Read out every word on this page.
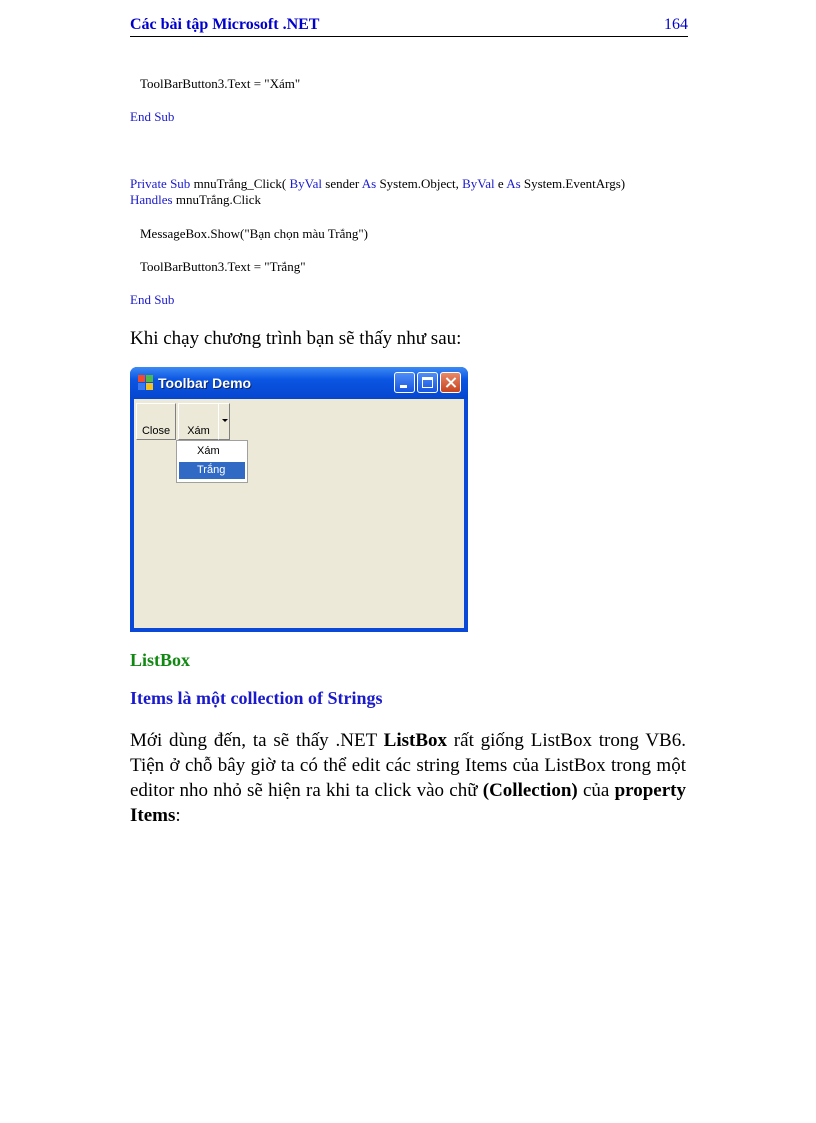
Các bài tập Microsoft .NET	164
ToolBarButton3.Text = "Xám"
End Sub
Private Sub mnuTrắng_Click( ByVal sender As System.Object, ByVal e As System.EventArgs)
Handles mnuTrắng.Click
MessageBox.Show("Bạn chọn màu Trắng")
ToolBarButton3.Text = "Trắng"
End Sub
Khi chạy chương trình bạn sẽ thấy như sau:
Toolbar Demo
Close	Xám
Xám
Trắng
ListBox
Items là một collection of Strings
Mới dùng đến, ta sẽ thấy .NET ListBox rất giống ListBox trong VB6. Tiện ở chỗ bây giờ ta có thể edit các string Items của ListBox trong một editor nho nhỏ sẽ hiện ra khi ta click vào chữ (Collection) của property Items:
